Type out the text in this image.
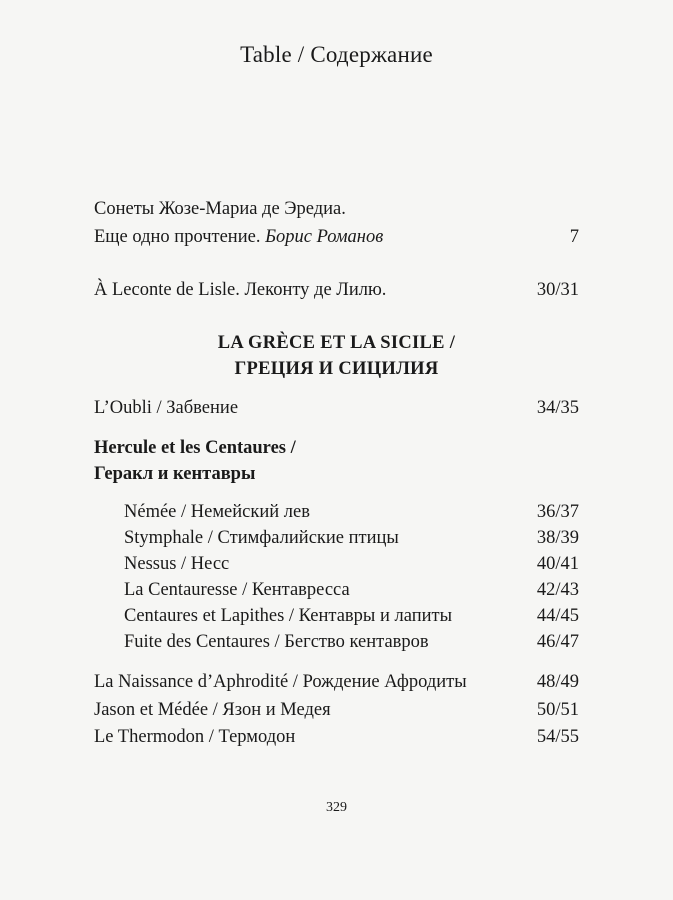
Table / Содержание
Сонеты Жозе-Мариа де Эредиа.
Еще одно прочтение. Борис Романов	7
À Leconte de Lisle. Леконту де Лилю.	30/31
LA GRÈCE ET LA SICILE /
ГРЕЦИЯ И СИЦИЛИЯ
L’Oubli / Забвение	34/35
Hercule et les Centaures /
Геракл и кентавры
Némée / Немейский лев	36/37
Stymphale / Стимфалийские птицы	38/39
Nessus / Несс	40/41
La Centauresse / Кентавресса	42/43
Centaures et Lapithes / Кентавры и лапиты	44/45
Fuite des Centaures / Бегство кентавров	46/47
La Naissance d’Aphrodité / Рождение Афродиты	48/49
Jason et Médée / Язон и Медея	50/51
Le Thermodon / Термодон	54/55
329
